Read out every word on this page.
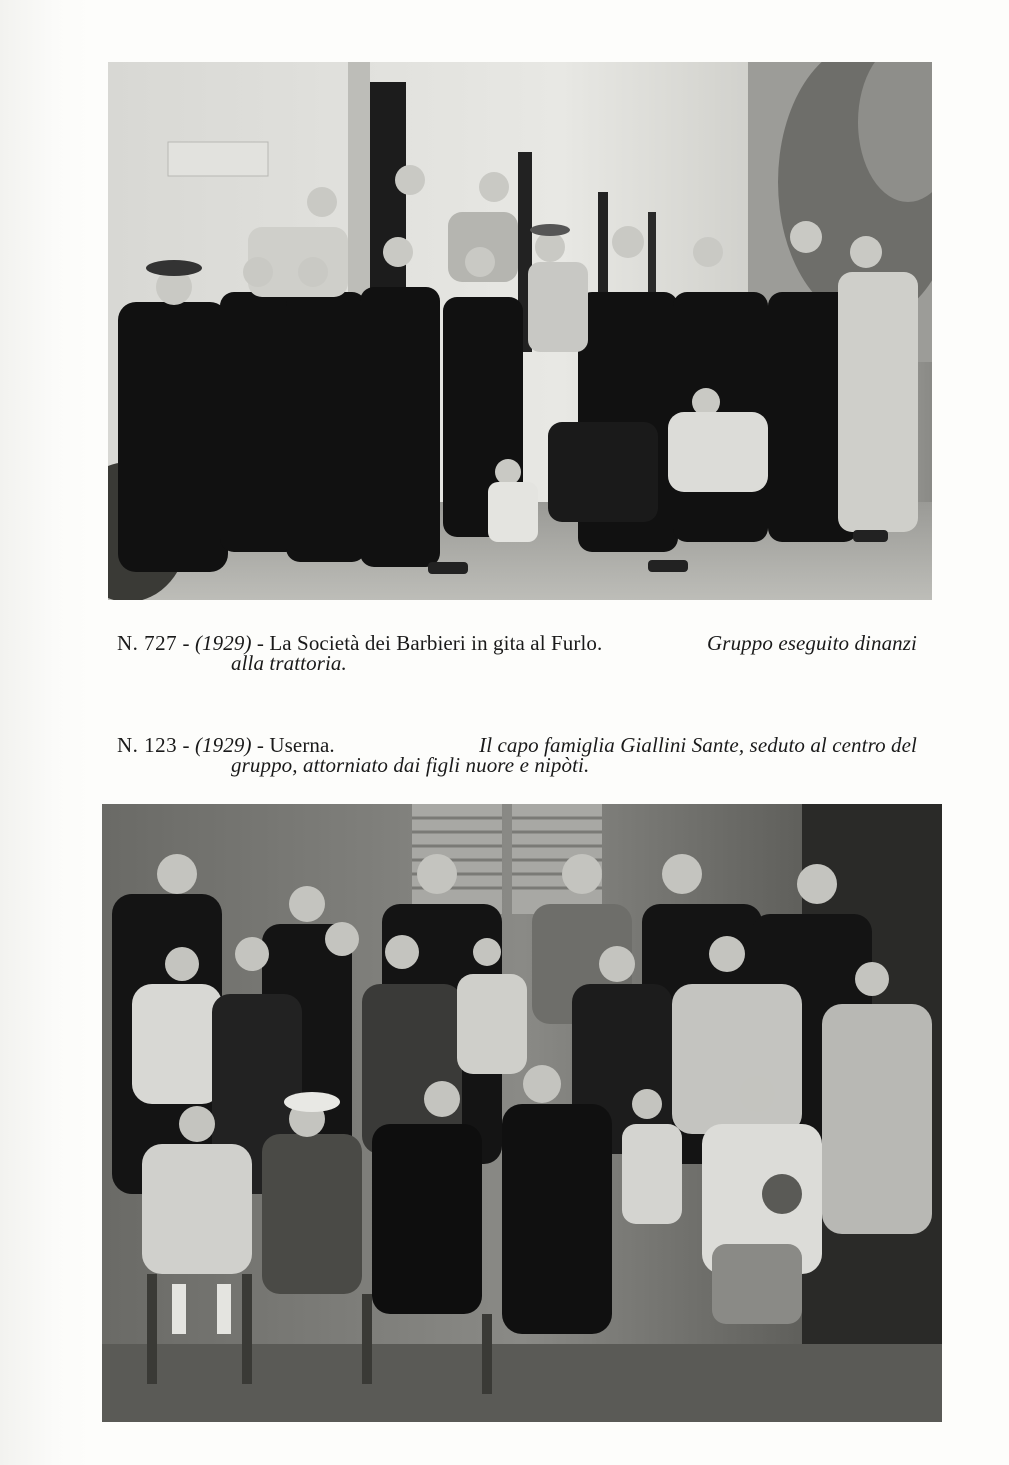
N. 727 - (1929) - La Società dei Barbieri in gita al Furlo.	Gruppo eseguito dinanzi
alla trattoria.
N. 123 - (1929) - Userna.	Il capo famiglia Giallini Sante, seduto al centro del
gruppo, attorniato dai figli nuore e nipòti.
